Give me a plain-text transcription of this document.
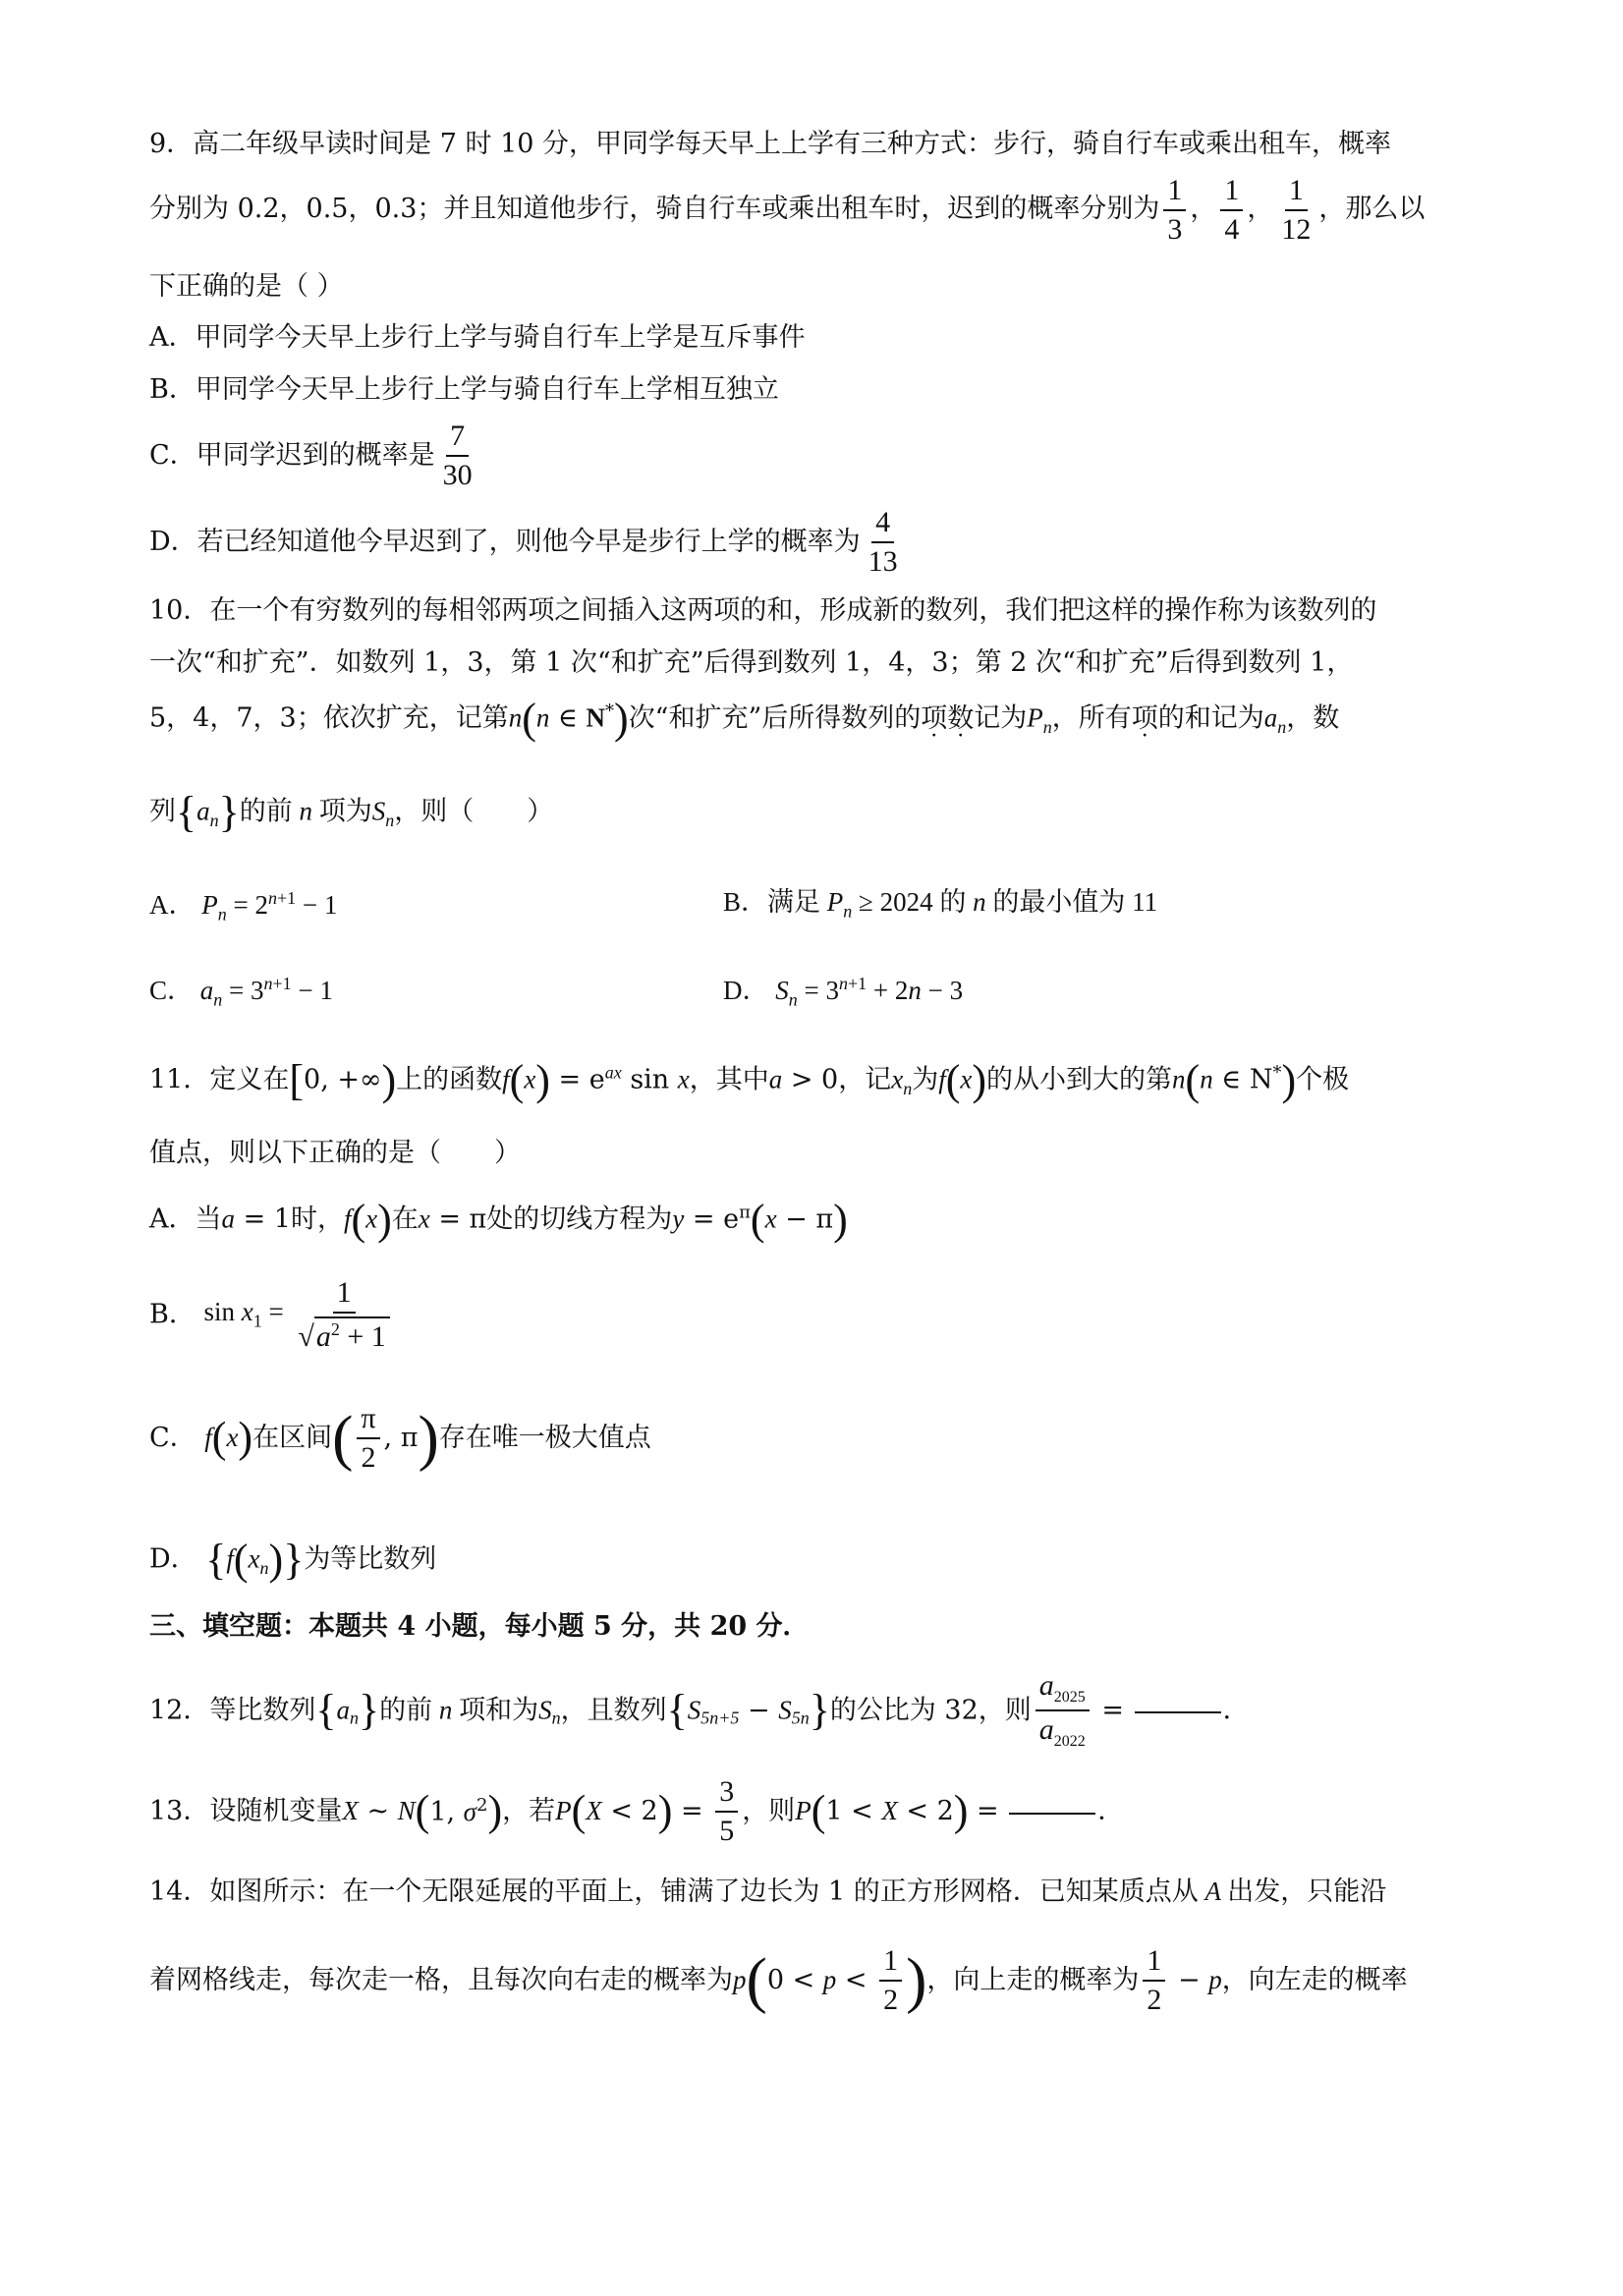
9．高二年级早读时间是 7 时 10 分，甲同学每天早上上学有三种方式：步行，骑自行车或乘出租车，概率
分别为 0.2，0.5，0.3；并且知道他步行，骑自行车或乘出租车时，迟到的概率分别为 $\frac{1}{3}$ ， $\frac{1}{4}$ ， $\frac{1}{12}$ ，那么以
下正确的是（ ）
A．甲同学今天早上步行上学与骑自行车上学是互斥事件
B．甲同学今天早上步行上学与骑自行车上学相互独立
C．甲同学迟到的概率是 $\frac{7}{30}$
D．若已经知道他今早迟到了，则他今早是步行上学的概率为 $\frac{4}{13}$
10．在一个有穷数列的每相邻两项之间插入这两项的和，形成新的数列，我们把这样的操作称为该数列的
一次“和扩充”．如数列 1，3，第 1 次“和扩充”后得到数列 1，4，3；第 2 次“和扩充”后得到数列 1，
5，4，7，3；依次扩充，记第n(n ∈ N*)次“和扩充”后所得数列的项数记为$P_n$，所有项的和记为$a_n$，数
列$\{a_n\}$的前 n 项为$S_n$，则（　　）
A． $P_n = 2^{n+1} - 1$	B．满足 $P_n \ge 2024$ 的 n 的最小值为 11
C． $a_n = 3^{n+1} - 1$	D． $S_n = 3^{n+1} + 2n - 3$
11．定义在[0, +∞)上的函数$f(x) = e^{ax}$ sin x，其中a > 0，记$x_n$为f(x)的从小到大的第n(n ∈ N*)个极
值点，则以下正确的是（　　）
A．当a = 1时，f(x)在x = π处的切线方程为$y = e^\pi(x - \pi)$
B． $\sin x_1 = \frac{1}{√a^2 + 1}$
C． f(x)在区间( $\frac{\pi}{2}$ , π)存在唯一极大值点
D． $\{f(x_n)\}$为等比数列
三、填空题：本题共 4 小题，每小题 5 分，共 20 分．
12．等比数列$\{a_n\}$的前 n 项和为$S_n$，且数列$\{S_{5n+5} - S_{5n}\}$的公比为 32，则 $\frac{a_{2025}}{a_{2022}}$ =	．
13．设随机变量X ~ N(1, $\sigma^2$)，若$P(X < 2) = \frac{3}{5}$ ，则P(1 < X < 2) =	．
14．如图所示：在一个无限延展的平面上，铺满了边长为 1 的正方形网格．已知某质点从 A 出发，只能沿
着网格线走，每次走一格，且每次向右走的概率为$p(0 < p < \frac{1}{2}$ )，向上走的概率为 $\frac{1}{2} - p$，向左走的概率
